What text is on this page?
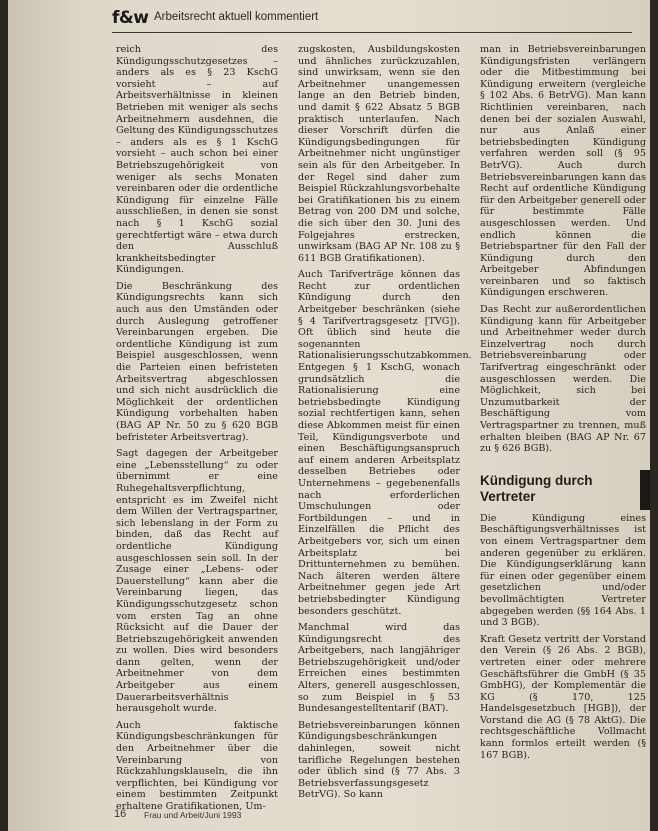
f&w Arbeitsrecht aktuell kommentiert

reich des Kündigungsschutzgesetzes – anders als es § 23 KschG vorsieht – auf Arbeitsverhältnisse in kleinen Betrieben mit weniger als sechs Arbeitnehmern ausdehnen, die Geltung des Kündigungsschutzes – anders als es § 1 KschG vorsieht – auch schon bei einer Betriebszugehörigkeit von weniger als sechs Monaten vereinbaren oder die ordentliche Kündigung für einzelne Fälle ausschließen, in denen sie sonst nach § 1 KschG sozial gerechtfertigt wäre – etwa durch den Ausschluß krankheitsbedingter Kündigungen.

Die Beschränkung des Kündigungsrechts kann sich auch aus den Umständen oder durch Auslegung getroffener Vereinbarungen ergeben. Die ordentliche Kündigung ist zum Beispiel ausgeschlossen, wenn die Parteien einen befristeten Arbeitsvertrag abgeschlossen und sich nicht ausdrücklich die Möglichkeit der ordentlichen Kündigung vorbehalten haben (BAG AP Nr. 50 zu § 620 BGB befristeter Arbeitsvertrag).

Sagt dagegen der Arbeitgeber eine „Lebensstellung“ zu oder übernimmt er eine Ruhegehaltsverpflichtung, entspricht es im Zweifel nicht dem Willen der Vertragspartner, sich lebenslang in der Form zu binden, daß das Recht auf ordentliche Kündigung ausgeschlossen sein soll. In der Zusage einer „Lebens- oder Dauerstellung“ kann aber die Vereinbarung liegen, das Kündigungsschutzgesetz schon vom ersten Tag an ohne Rücksicht auf die Dauer der Betriebszugehörigkeit anwenden zu wollen. Dies wird besonders dann gelten, wenn der Arbeitnehmer von dem Arbeitgeber aus einem Dauerarbeitsverhältnis herausgeholt wurde.

Auch faktische Kündigungsbeschränkungen für den Arbeitnehmer über die Vereinbarung von Rückzahlungsklauseln, die ihn verpflichten, bei Kündigung vor einem bestimmten Zeitpunkt erhaltene Gratifikationen, Um-

zugskosten, Ausbildungskosten und ähnliches zurückzuzahlen, sind unwirksam, wenn sie den Arbeitnehmer unangemessen lange an den Betrieb binden, und damit § 622 Absatz 5 BGB praktisch unterlaufen. Nach dieser Vorschrift dürfen die Kündigungsbedingungen für Arbeitnehmer nicht ungünstiger sein als für den Arbeitgeber. In der Regel sind daher zum Beispiel Rückzahlungsvorbehalte bei Gratifikationen bis zu einem Betrag von 200 DM und solche, die sich über den 30. Juni des Folgejahres erstrecken, unwirksam (BAG AP Nr. 108 zu § 611 BGB Gratifikationen).

Auch Tarifverträge können das Recht zur ordentlichen Kündigung durch den Arbeitgeber beschränken (siehe § 4 Tarifvertragsgesetz [TVG]). Oft üblich sind heute die sogenannten Rationalisierungsschutzabkommen. Entgegen § 1 KschG, wonach grundsätzlich die Rationalisierung eine betriebsbedingte Kündigung sozial rechtfertigen kann, sehen diese Abkommen meist für einen Teil, Kündigungsverbote und einen Beschäftigungsanspruch auf einem anderen Arbeitsplatz desselben Betriebes oder Unternehmens – gegebenenfalls nach erforderlichen Umschulungen oder Fortbildungen – und in Einzelfällen die Pflicht des Arbeitgebers vor, sich um einen Arbeitsplatz bei Drittunternehmen zu bemühen. Nach älteren werden ältere Arbeitnehmer gegen jede Art betriebsbedingter Kündigung besonders geschützt.

Manchmal wird das Kündigungsrecht des Arbeitgebers, nach langjähriger Betriebszugehörigkeit und/oder Erreichen eines bestimmten Alters, generell ausgeschlossen, so zum Beispiel in § 53 Bundesangestelltentarif (BAT).

Betriebsvereinbarungen können Kündigungsbeschränkungen dahinlegen, soweit nicht tarifliche Regelungen bestehen oder üblich sind (§ 77 Abs. 3 Betriebsverfassungsgesetz BetrVG). So kann

man in Betriebsvereinbarungen Kündigungsfristen verlängern oder die Mitbestimmung bei Kündigung erweitern (vergleiche § 102 Abs. 6 BetrVG). Man kann Richtlinien vereinbaren, nach denen bei der sozialen Auswahl, nur aus Anlaß einer betriebsbedingten Kündigung verfahren werden soll (§ 95 BetrVG). Auch durch Betriebsvereinbarungen kann das Recht auf ordentliche Kündigung für den Arbeitgeber generell oder für bestimmte Fälle ausgeschlossen werden. Und endlich können die Betriebspartner für den Fall der Kündigung durch den Arbeitgeber Abfindungen vereinbaren und so faktisch Kündigungen erschweren.

Das Recht zur außerordentlichen Kündigung kann für Arbeitgeber und Arbeitnehmer weder durch Einzelvertrag noch durch Betriebsvereinbarung oder Tarifvertrag eingeschränkt oder ausgeschlossen werden. Die Möglichkeit, sich bei Unzumutbarkeit der Beschäftigung vom Vertragspartner zu trennen, muß erhalten bleiben (BAG AP Nr. 67 zu § 626 BGB).

Kündigung durch Vertreter

Die Kündigung eines Beschäftigungsverhältnisses ist von einem Vertragspartner dem anderen gegenüber zu erklären. Die Kündigungserklärung kann für einen oder gegenüber einem gesetzlichen und/oder bevollmächtigten Vertreter abgegeben werden (§§ 164 Abs. 1 und 3 BGB).

Kraft Gesetz vertritt der Vorstand den Verein (§ 26 Abs. 2 BGB), vertreten einer oder mehrere Geschäftsführer die GmbH (§ 35 GmbHG), der Komplementär die KG (§ 170, 125 Handelsgesetzbuch [HGB]), der Vorstand die AG (§ 78 AktG). Die rechtsgeschäftliche Vollmacht kann formlos erteilt werden (§ 167 BGB).

16 Frau und Arbeit/Juni 1993
